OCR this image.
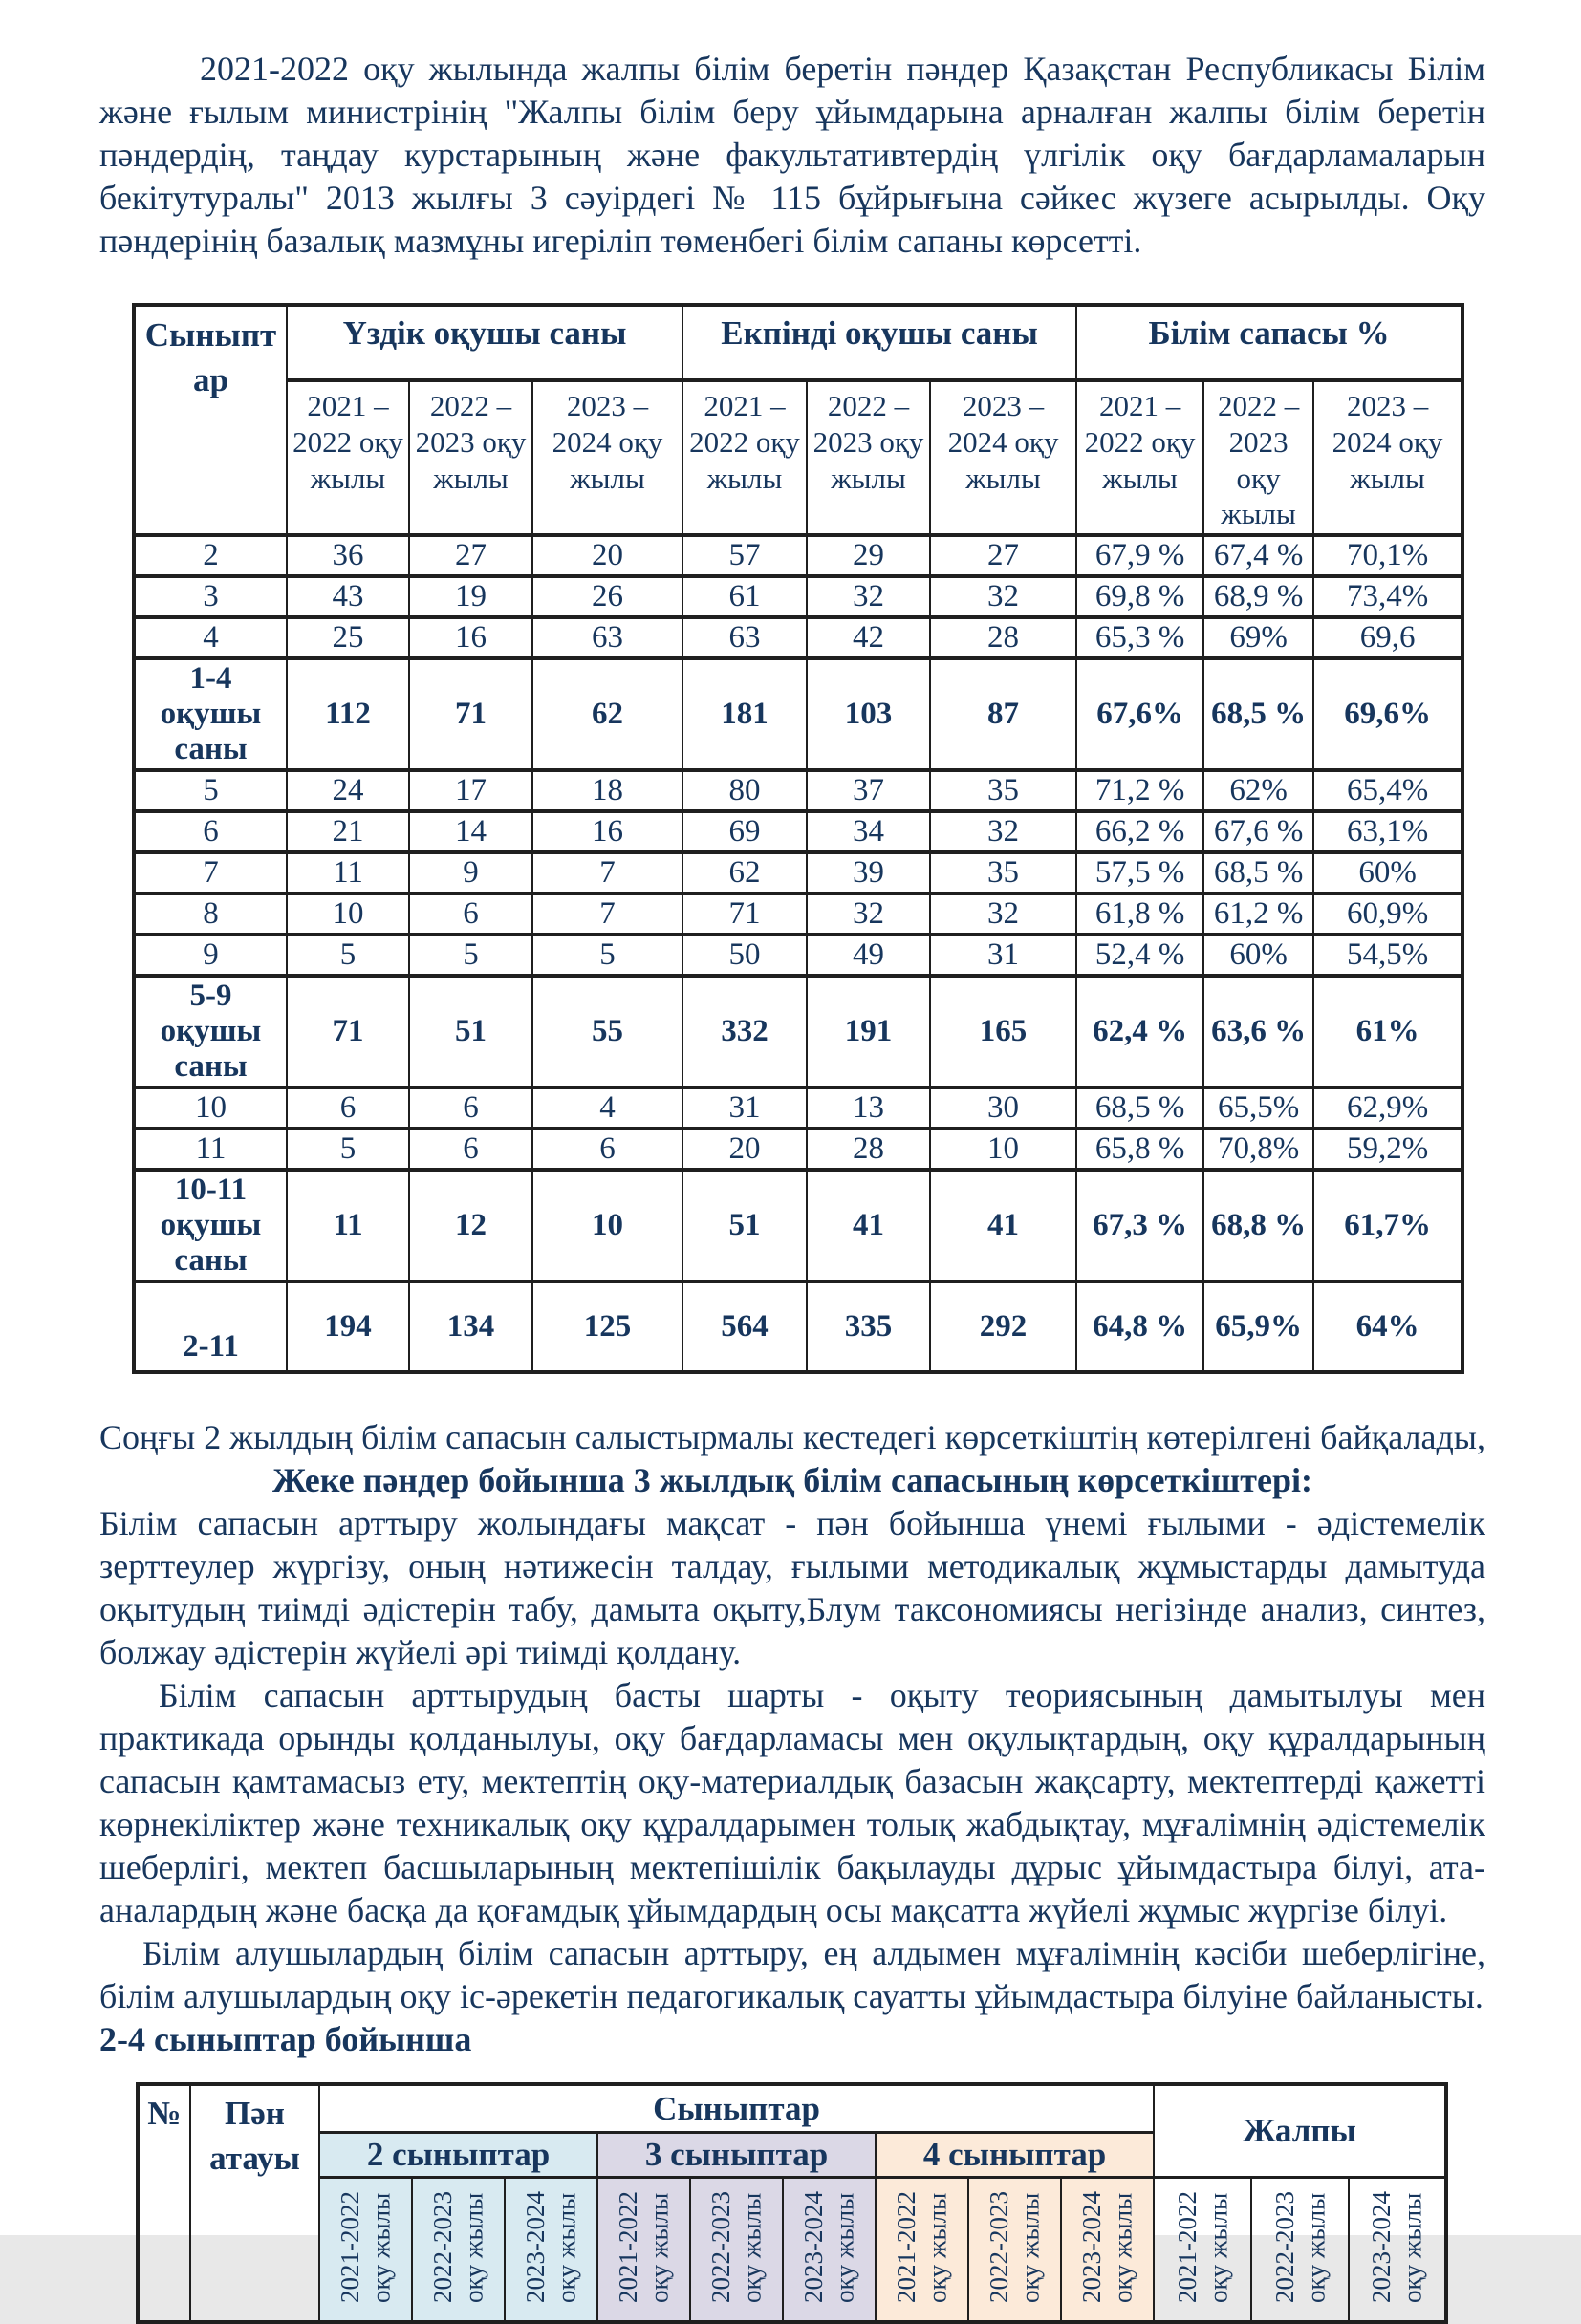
2021-2022 оқу жылында жалпы білім беретін пәндер Қазақстан Республикасы Білім және ғылым министрінің "Жалпы білім беру ұйымдарына арналған жалпы білім беретін пәндердің, таңдау курстарының және факультативтердің үлгілік оқу бағдарламаларын бекітутуралы" 2013 жылғы 3 сәуірдегі № 115 бұйрығына сәйкес жүзеге асырылды. Оқу пәндерінің базалық мазмұны игеріліп төменбегі білім сапаны көрсетті.

Сыныптар	Үздік оқушы саны			Екпінді оқушы саны			Білім сапасы %		
	2021 – 2022 оқу жылы	2022 – 2023 оқу жылы	2023 – 2024 оқу жылы	2021 – 2022 оқу жылы	2022 – 2023 оқу жылы	2023 – 2024 оқу жылы	2021 – 2022 оқу жылы	2022 – 2023 оқу жылы	2023 – 2024 оқу жылы
2	36	27	20	57	29	27	67,9 %	67,4 %	70,1%
3	43	19	26	61	32	32	69,8 %	68,9 %	73,4%
4	25	16	63	63	42	28	65,3 %	69%	69,6
1-4 оқушы саны	112	71	62	181	103	87	67,6%	68,5 %	69,6%
5	24	17	18	80	37	35	71,2 %	62%	65,4%
6	21	14	16	69	34	32	66,2 %	67,6 %	63,1%
7	11	9	7	62	39	35	57,5 %	68,5 %	60%
8	10	6	7	71	32	32	61,8 %	61,2 %	60,9%
9	5	5	5	50	49	31	52,4 %	60%	54,5%
5-9 оқушы саны	71	51	55	332	191	165	62,4 %	63,6 %	61%
10	6	6	4	31	13	30	68,5 %	65,5%	62,9%
11	5	6	6	20	28	10	65,8 %	70,8%	59,2%
10-11 оқушы саны	11	12	10	51	41	41	67,3 %	68,8 %	61,7%
2-11	194	134	125	564	335	292	64,8 %	65,9%	64%

Соңғы 2 жылдың білім сапасын салыстырмалы кестедегі көрсеткіштің көтерілгені байқалады,

Жеке пәндер бойынша 3 жылдық білім сапасының көрсеткіштері:

Білім сапасын арттыру жолындағы мақсат - пән бойынша үнемі ғылыми - әдістемелік зерттеулер жүргізу, оның нәтижесін талдау, ғылыми методикалық жұмыстарды дамытуда оқытудың тиімді әдістерін табу, дамыта оқыту,Блум таксономиясы негізінде анализ, синтез, болжау әдістерін жүйелі әрі тиімді қолдану.

Білім сапасын арттырудың басты шарты - оқыту теориясының дамытылуы мен практикада орынды қолданылуы, оқу бағдарламасы мен оқулықтардың, оқу құралдарының сапасын қамтамасыз ету, мектептің оқу-материалдық базасын жақсарту, мектептерді қажетті көрнекіліктер және техникалық оқу құралдарымен толық жабдықтау, мұғалімнің әдістемелік шеберлігі, мектеп басшыларының мектепішілік бақылауды дұрыс ұйымдастыра білуі, ата-аналардың және басқа да қоғамдық ұйымдардың осы мақсатта жүйелі жұмыс жүргізе білуі.

Білім алушылардың білім сапасын арттыру, ең алдымен мұғалімнің кәсіби шеберлігіне, білім алушылардың оқу іс-әрекетін педагогикалық сауатты ұйымдастыра білуіне байланысты.

2-4 сыныптар бойынша

№	Пән атауы	Сыныптар									Жалпы		
		2 сыныптар			3 сыныптар			4 сыныптар					

		2021-2022 оқу жылы	2022-2023 оқу жылы	2023-2024 оқу жылы	2021-2022 оқу жылы	2022-2023 оқу жылы	2023-2024 оқу жылы	2021-2022 оқу жылы	2022-2023 оқу жылы	2023-2024 оқу жылы	2021-2022 оқу жылы	2022-2023 оқу жылы	2023-2024 оқу жылы
